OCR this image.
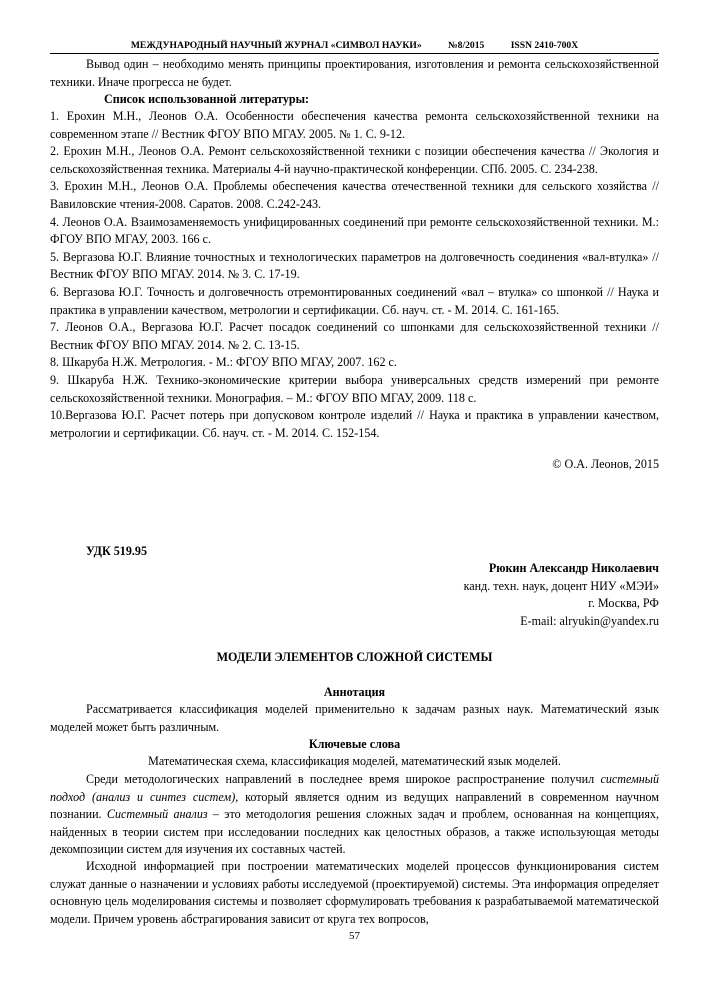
МЕЖДУНАРОДНЫЙ НАУЧНЫЙ ЖУРНАЛ «СИМВОЛ НАУКИ»	№8/2015	ISSN 2410-700X

Вывод один – необходимо менять принципы проектирования, изготовления и ремонта сельскохозяйственной техники. Иначе прогресса не будет.

Список использованной литературы:

1. Ерохин М.Н., Леонов О.А. Особенности обеспечения качества ремонта сельскохозяйственной техники на современном этапе // Вестник ФГОУ ВПО МГАУ. 2005. № 1. С. 9-12.

2. Ерохин М.Н., Леонов О.А. Ремонт сельскохозяйственной техники с позиции обеспечения качества // Экология и сельскохозяйственная техника. Материалы 4-й научно-практической конференции. СПб. 2005. С. 234-238.

3. Ерохин М.Н., Леонов О.А. Проблемы обеспечения качества отечественной техники для сельского хозяйства // Вавиловские чтения-2008. Саратов. 2008. С.242-243.

4. Леонов О.А. Взаимозаменяемость унифицированных соединений при ремонте сельскохозяйственной техники. М.: ФГОУ ВПО МГАУ, 2003. 166 с.

5. Вергазова Ю.Г. Влияние точностных и технологических параметров на долговечность соединения «вал-втулка» // Вестник ФГОУ ВПО МГАУ. 2014. № 3. С. 17-19.

6. Вергазова Ю.Г. Точность и долговечность отремонтированных соединений «вал – втулка» со шпонкой // Наука и практика в управлении качеством, метрологии и сертификации. Сб. науч. ст. - М. 2014. С. 161-165.

7. Леонов О.А., Вергазова Ю.Г. Расчет посадок соединений со шпонками для сельскохозяйственной техники // Вестник ФГОУ ВПО МГАУ. 2014. № 2. С. 13-15.

8. Шкаруба Н.Ж. Метрология. - М.: ФГОУ ВПО МГАУ, 2007. 162 с.

9. Шкаруба Н.Ж. Технико-экономические критерии выбора универсальных средств измерений при ремонте сельскохозяйственной техники. Монография. – М.: ФГОУ ВПО МГАУ, 2009. 118 с.

10.Вергазова Ю.Г. Расчет потерь при допусковом контроле изделий // Наука и практика в управлении качеством, метрологии и сертификации. Сб. науч. ст. - М. 2014. С. 152-154.

© О.А. Леонов, 2015

УДК 519.95

Рюкин Александр Николаевич

канд. техн. наук, доцент НИУ «МЭИ»

г. Москва, РФ

E-mail: alryukin@yandex.ru

МОДЕЛИ ЭЛЕМЕНТОВ СЛОЖНОЙ СИСТЕМЫ

Аннотация

Рассматривается классификация моделей применительно к задачам разных наук. Математический язык моделей может быть различным.

Ключевые слова

Математическая схема, классификация моделей, математический язык моделей.

Среди методологических направлений в последнее время широкое распространение получил системный подход (анализ и синтез систем), который является одним из ведущих направлений в современном научном познании. Системный анализ – это методология решения сложных задач и проблем, основанная на концепциях, найденных в теории систем при исследовании последних как целостных образов, а также использующая методы декомпозиции систем для изучения их составных частей.

Исходной информацией при построении математических моделей процессов функционирования систем служат данные о назначении и условиях работы исследуемой (проектируемой) системы. Эта информация определяет основную цель моделирования системы и позволяет сформулировать требования к разрабатываемой математической модели. Причем уровень абстрагирования зависит от круга тех вопросов,

57
